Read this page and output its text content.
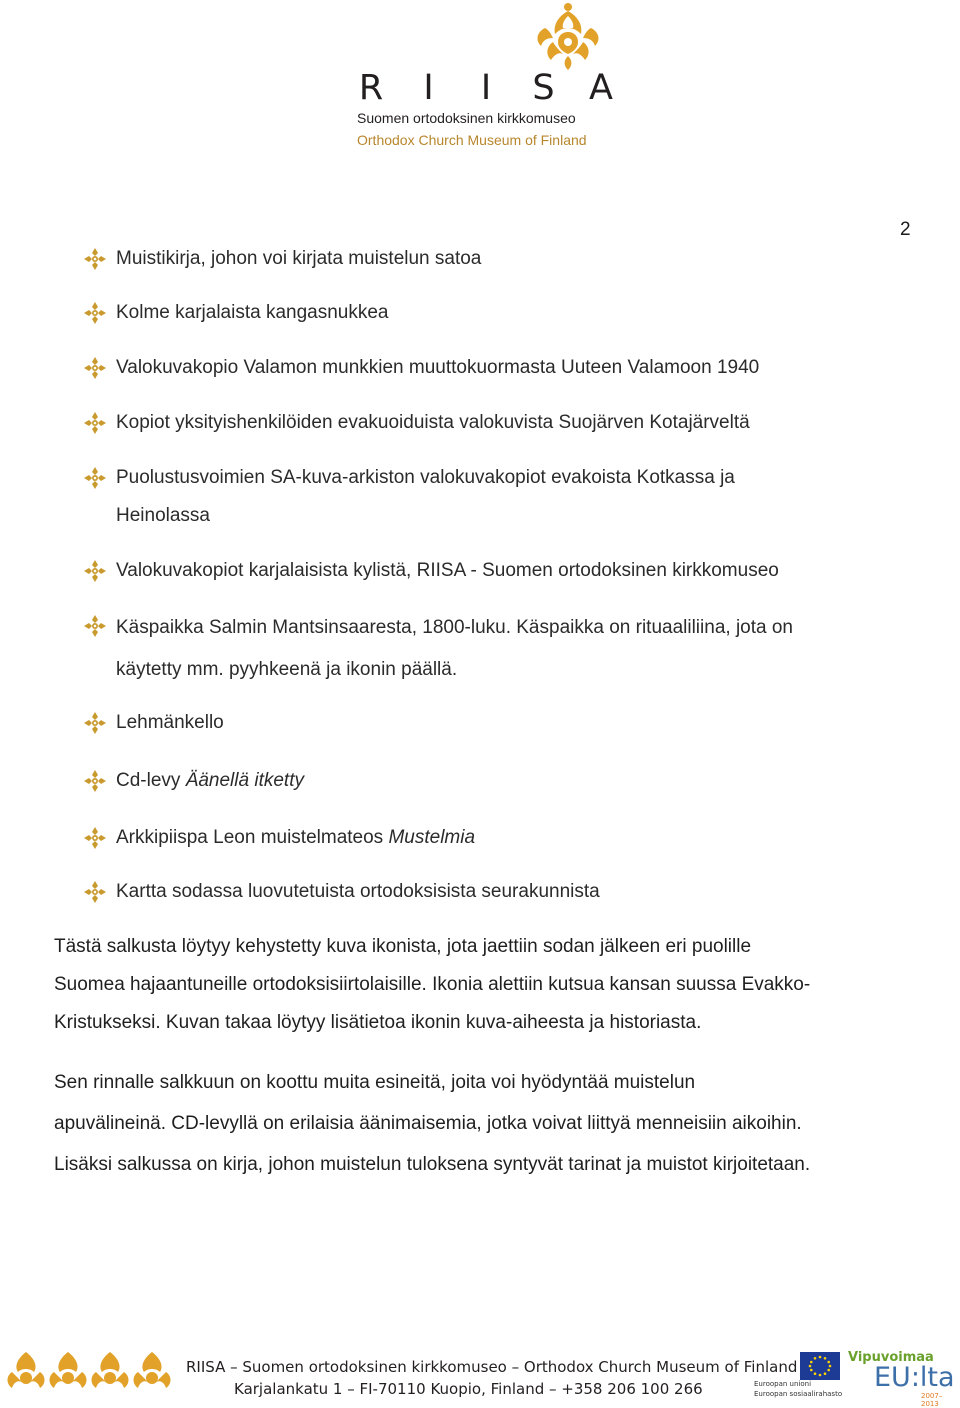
R I I S A
Suomen ortodoksinen kirkkomuseo
Orthodox Church Museum of Finland
2
Muistikirja, johon voi kirjata muistelun satoa
Kolme karjalaista kangasnukkea
Valokuvakopio Valamon munkkien muuttokuormasta Uuteen Valamoon 1940
Kopiot yksityishenkilöiden evakuoiduista valokuvista Suojärven Kotajärveltä
Puolustusvoimien SA-kuva-arkiston valokuvakopiot evakoista Kotkassa ja
Heinolassa
Valokuvakopiot karjalaisista kylistä, RIISA - Suomen ortodoksinen kirkkomuseo
Käspaikka Salmin Mantsinsaaresta, 1800-luku. Käspaikka on rituaaliliina, jota on
käytetty mm. pyyhkeenä ja ikonin päällä.
Lehmänkello
Cd-levy Äänellä itketty
Arkkipiispa Leon muistelmateos Mustelmia
Kartta sodassa luovutetuista ortodoksisista seurakunnista

Tästä salkusta löytyy kehystetty kuva ikonista, jota jaettiin sodan jälkeen eri puolille
Suomea hajaantuneille ortodoksisiirtolaisille. Ikonia alettiin kutsua kansan suussa Evakko-
Kristukseksi. Kuvan takaa löytyy lisätietoa ikonin kuva-aiheesta ja historiasta.

Sen rinnalle salkkuun on koottu muita esineitä, joita voi hyödyntää muistelun
apuvälineinä. CD-levyllä on erilaisia äänimaisemia, jotka voivat liittyä menneisiin aikoihin.
Lisäksi salkussa on kirja, johon muistelun tuloksena syntyvät tarinat ja muistot kirjoitetaan.

RIISA – Suomen ortodoksinen kirkkomuseo – Orthodox Church Museum of Finland
Karjalankatu 1 – FI-70110 Kuopio, Finland – +358 206 100 266	Euroopan unioni
Euroopan sosiaalirahasto
Vipuvoimaa
EU:lta
2007–2013
